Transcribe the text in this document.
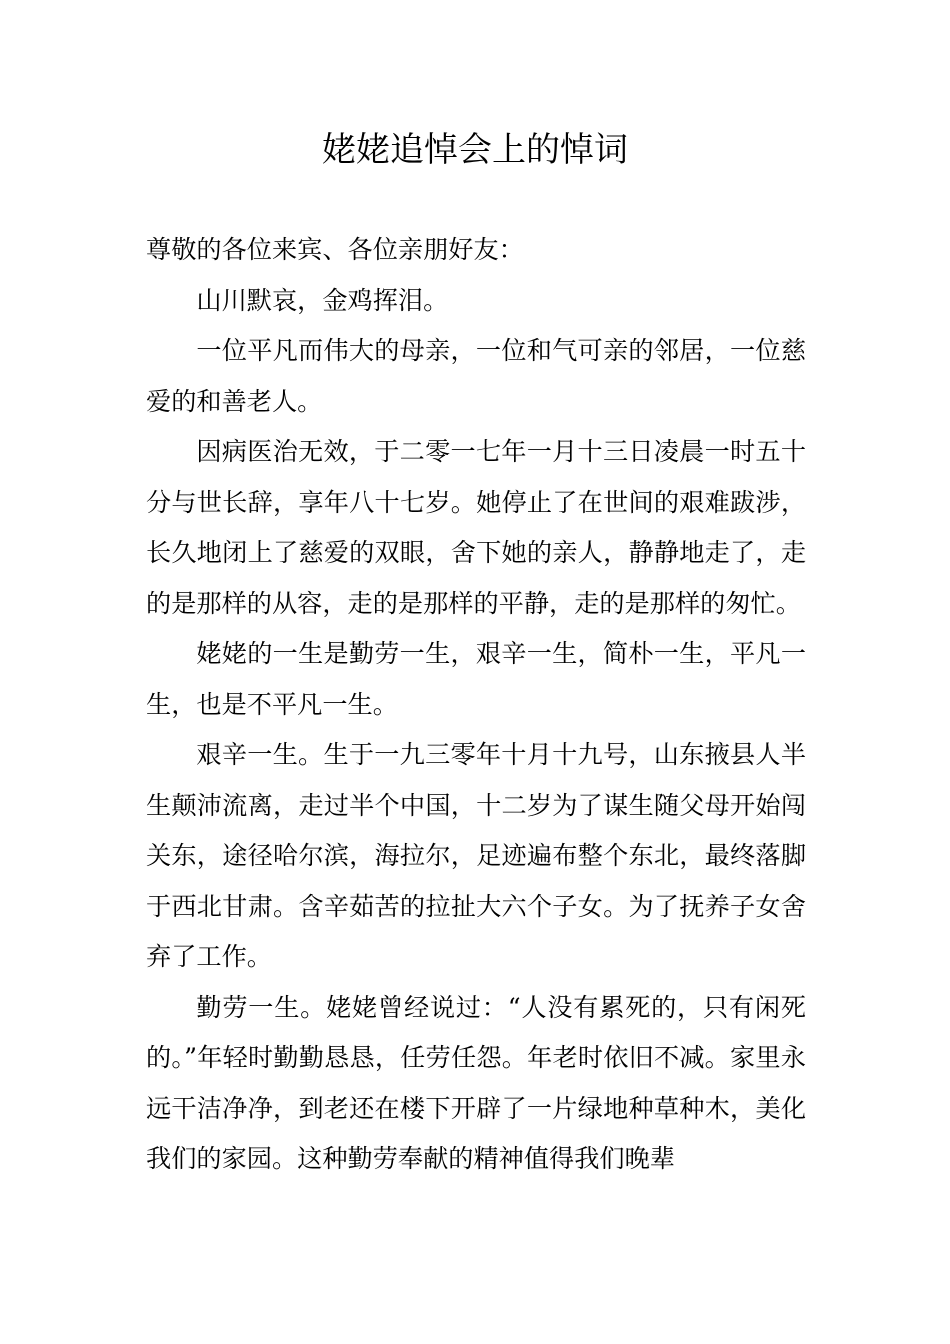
姥姥追悼会上的悼词

尊敬的各位来宾、各位亲朋好友：

山川默哀，金鸡挥泪。

一位平凡而伟大的母亲，一位和气可亲的邻居，一位慈爱的和善老人。

因病医治无效，于二零一七年一月十三日凌晨一时五十分与世长辞，享年八十七岁。她停止了在世间的艰难跋涉，长久地闭上了慈爱的双眼，舍下她的亲人，静静地走了，走的是那样的从容，走的是那样的平静，走的是那样的匆忙。

姥姥的一生是勤劳一生，艰辛一生，简朴一生，平凡一生，也是不平凡一生。

艰辛一生。生于一九三零年十月十九号，山东掖县人半生颠沛流离，走过半个中国，十二岁为了谋生随父母开始闯关东，途径哈尔滨，海拉尔，足迹遍布整个东北，最终落脚于西北甘肃。含辛茹苦的拉扯大六个子女。为了抚养子女舍弃了工作。

勤劳一生。姥姥曾经说过：“人没有累死的，只有闲死的。”年轻时勤勤恳恳，任劳任怨。年老时依旧不减。家里永远干洁净净，到老还在楼下开辟了一片绿地种草种木，美化我们的家园。这种勤劳奉献的精神值得我们晚辈
